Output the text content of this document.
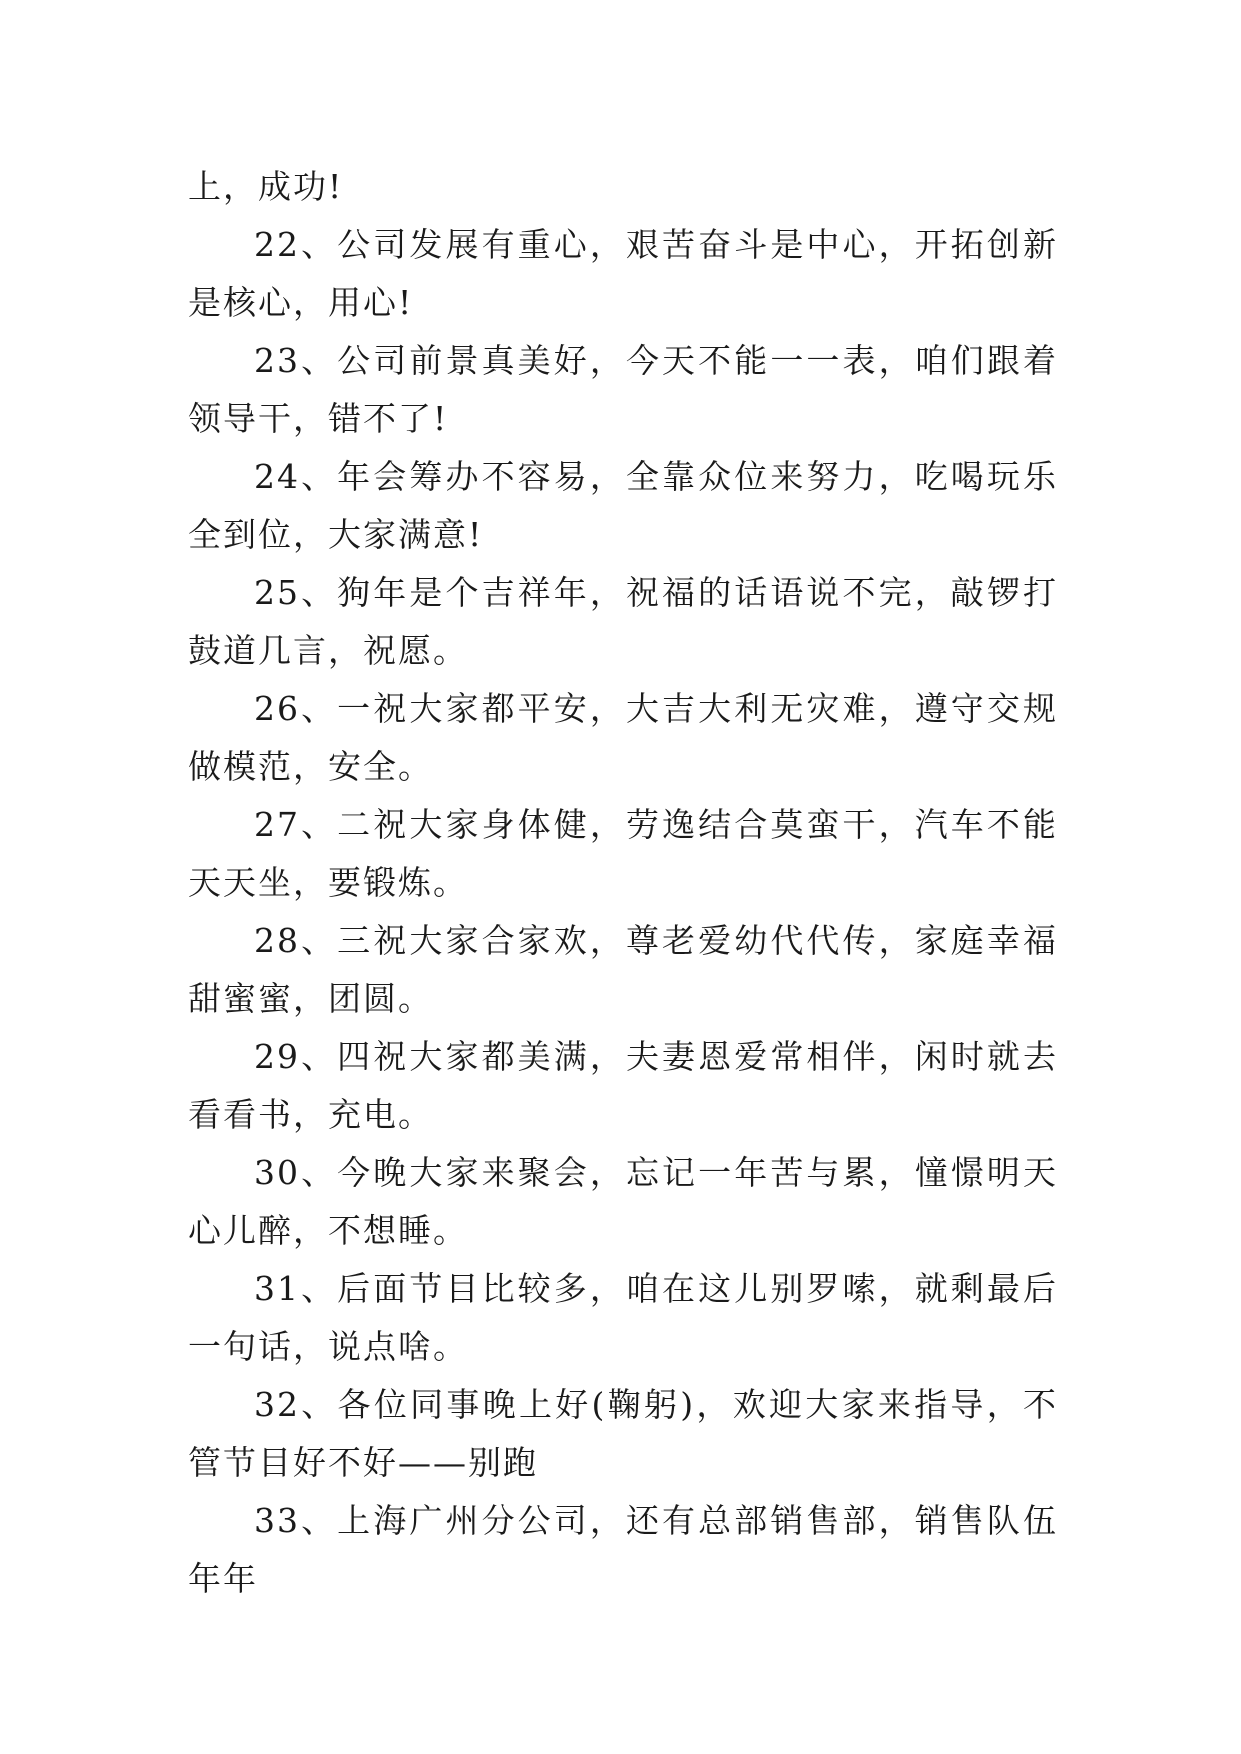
上，成功!

22、公司发展有重心，艰苦奋斗是中心，开拓创新是核心，用心!

23、公司前景真美好，今天不能一一表，咱们跟着领导干，错不了!

24、年会筹办不容易，全靠众位来努力，吃喝玩乐全到位，大家满意!

25、狗年是个吉祥年，祝福的话语说不完，敲锣打鼓道几言，祝愿。

26、一祝大家都平安，大吉大利无灾难，遵守交规做模范，安全。

27、二祝大家身体健，劳逸结合莫蛮干，汽车不能天天坐，要锻炼。

28、三祝大家合家欢，尊老爱幼代代传，家庭幸福甜蜜蜜，团圆。

29、四祝大家都美满，夫妻恩爱常相伴，闲时就去看看书，充电。

30、今晚大家来聚会，忘记一年苦与累，憧憬明天心儿醉，不想睡。

31、后面节目比较多，咱在这儿别罗嗦，就剩最后一句话，说点啥。

32、各位同事晚上好(鞠躬)，欢迎大家来指导，不管节目好不好——别跑

33、上海广州分公司，还有总部销售部，销售队伍年年
